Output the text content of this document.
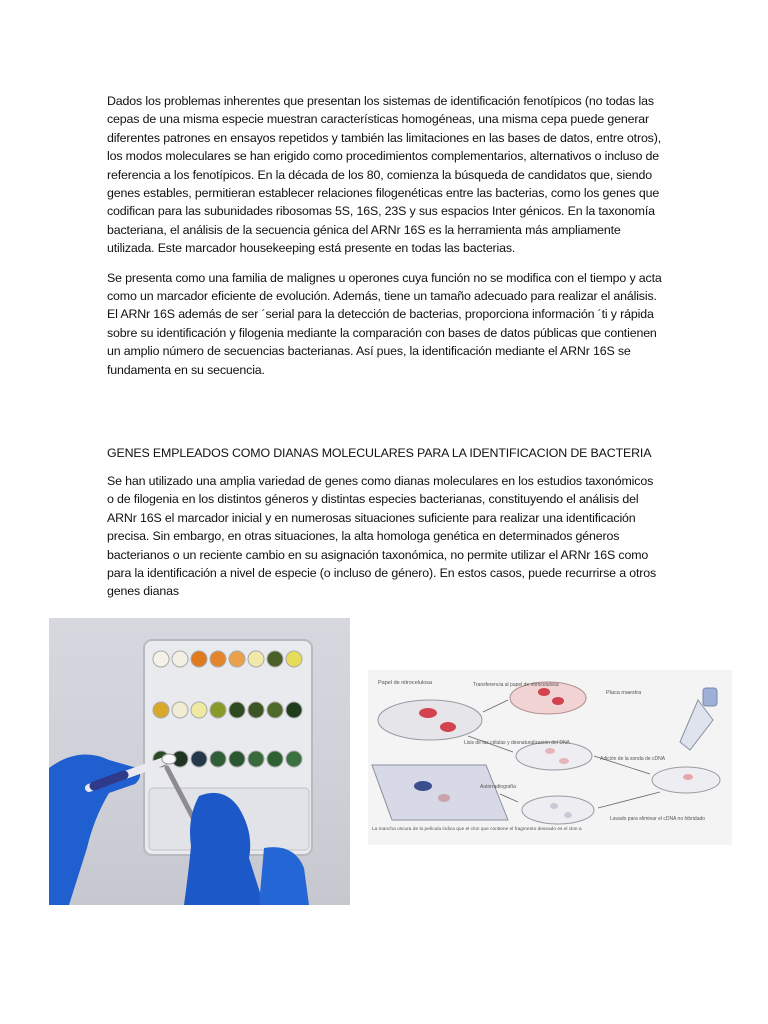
Dados los problemas inherentes que presentan los sistemas de identificación fenotípicos (no todas las cepas de una misma especie muestran características homogéneas, una misma cepa puede generar diferentes patrones en ensayos repetidos y también las limitaciones en las bases de datos, entre otros), los modos moleculares se han erigido como procedimientos complementarios, alternativos o incluso de referencia a los fenotípicos. En la década de los 80, comienza la búsqueda de candidatos que, siendo genes estables, permitieran establecer relaciones filogenéticas entre las bacterias, como los genes que codifican para las subunidades ribosomas 5S, 16S, 23S y sus espacios Inter génicos. En la taxonomía bacteriana, el análisis de la secuencia génica del ARNr 16S es la herramienta más ampliamente utilizada. Este marcador housekeeping está presente en todas las bacterias.

Se presenta como una familia de malignes u operones cuya función no se modifica con el tiempo y acta como un marcador eficiente de evolución. Además, tiene un tamaño adecuado para realizar el análisis. El ARNr 16S además de ser ´serial para la detección de bacterias, proporciona información ´ti y rápida sobre su identificación y filogenia mediante la comparación con bases de datos públicas que contienen un amplio número de secuencias bacterianas. Así pues, la identificación mediante el ARNr 16S se fundamenta en su secuencia.

GENES EMPLEADOS COMO DIANAS MOLECULARES PARA LA IDENTIFICACION DE BACTERIA

Se han utilizado una amplia variedad de genes como dianas moleculares en los estudios taxonómicos o de filogenia en los distintos géneros y distintas especies bacterianas, constituyendo el análisis del ARNr 16S el marcador inicial y en numerosas situaciones suficiente para realizar una identificación precisa. Sin embargo, en otras situaciones, la alta homologa genética en determinados géneros bacterianos o un reciente cambio en su asignación taxonómica, no permite utilizar el ARNr 16S como para la identificación a nivel de especie (o incluso de género). En estos casos, puede recurrirse a otros genes dianas

Papel de nitrocelulosa
Placa maestra
Transferencia al papel de nitrocelulosa
Lisis de las células y desnaturalización del DNA
Adición de la sonda de cDNA
Lavado para eliminar el cDNA no hibridado
Autorradiografía
La mancha oscura de la película indica que el clon que contiene el fragmento deseado es el clon a
